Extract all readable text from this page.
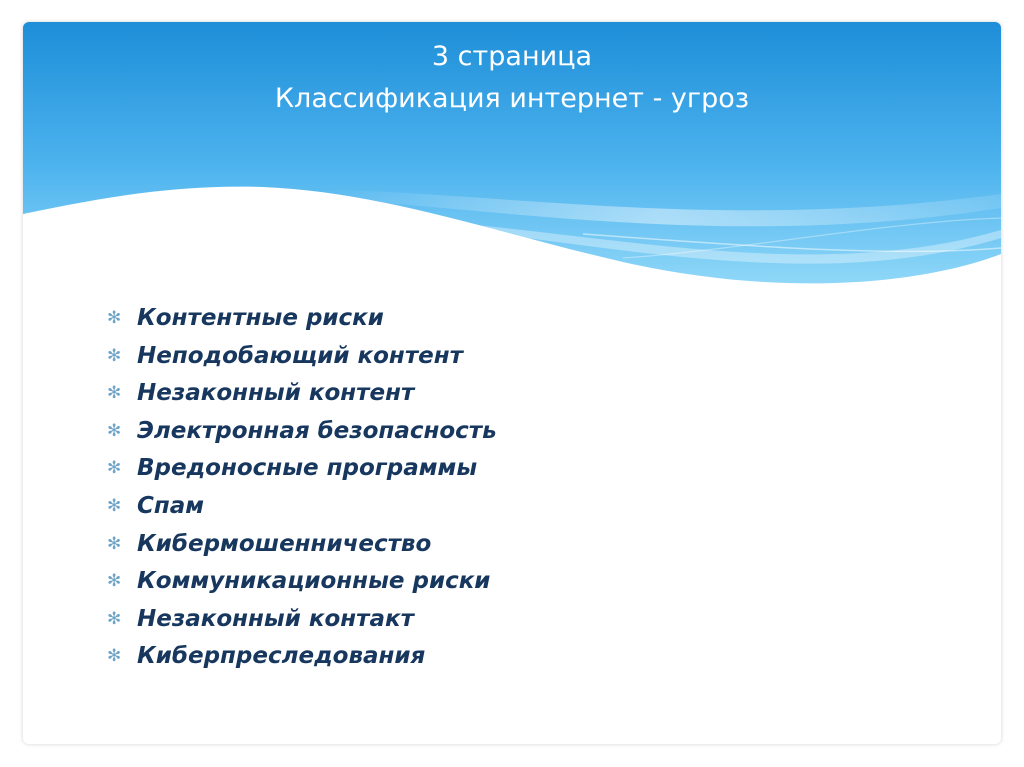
3 страница
Классификация интернет - угроз
✻ Контентные риски
✻ Неподобающий контент
✻ Незаконный контент
✻ Электронная безопасность
✻ Вредоносные программы
✻ Спам
✻ Кибермошенничество
✻ Коммуникационные риски
✻ Незаконный контакт
✻ Киберпреследования
